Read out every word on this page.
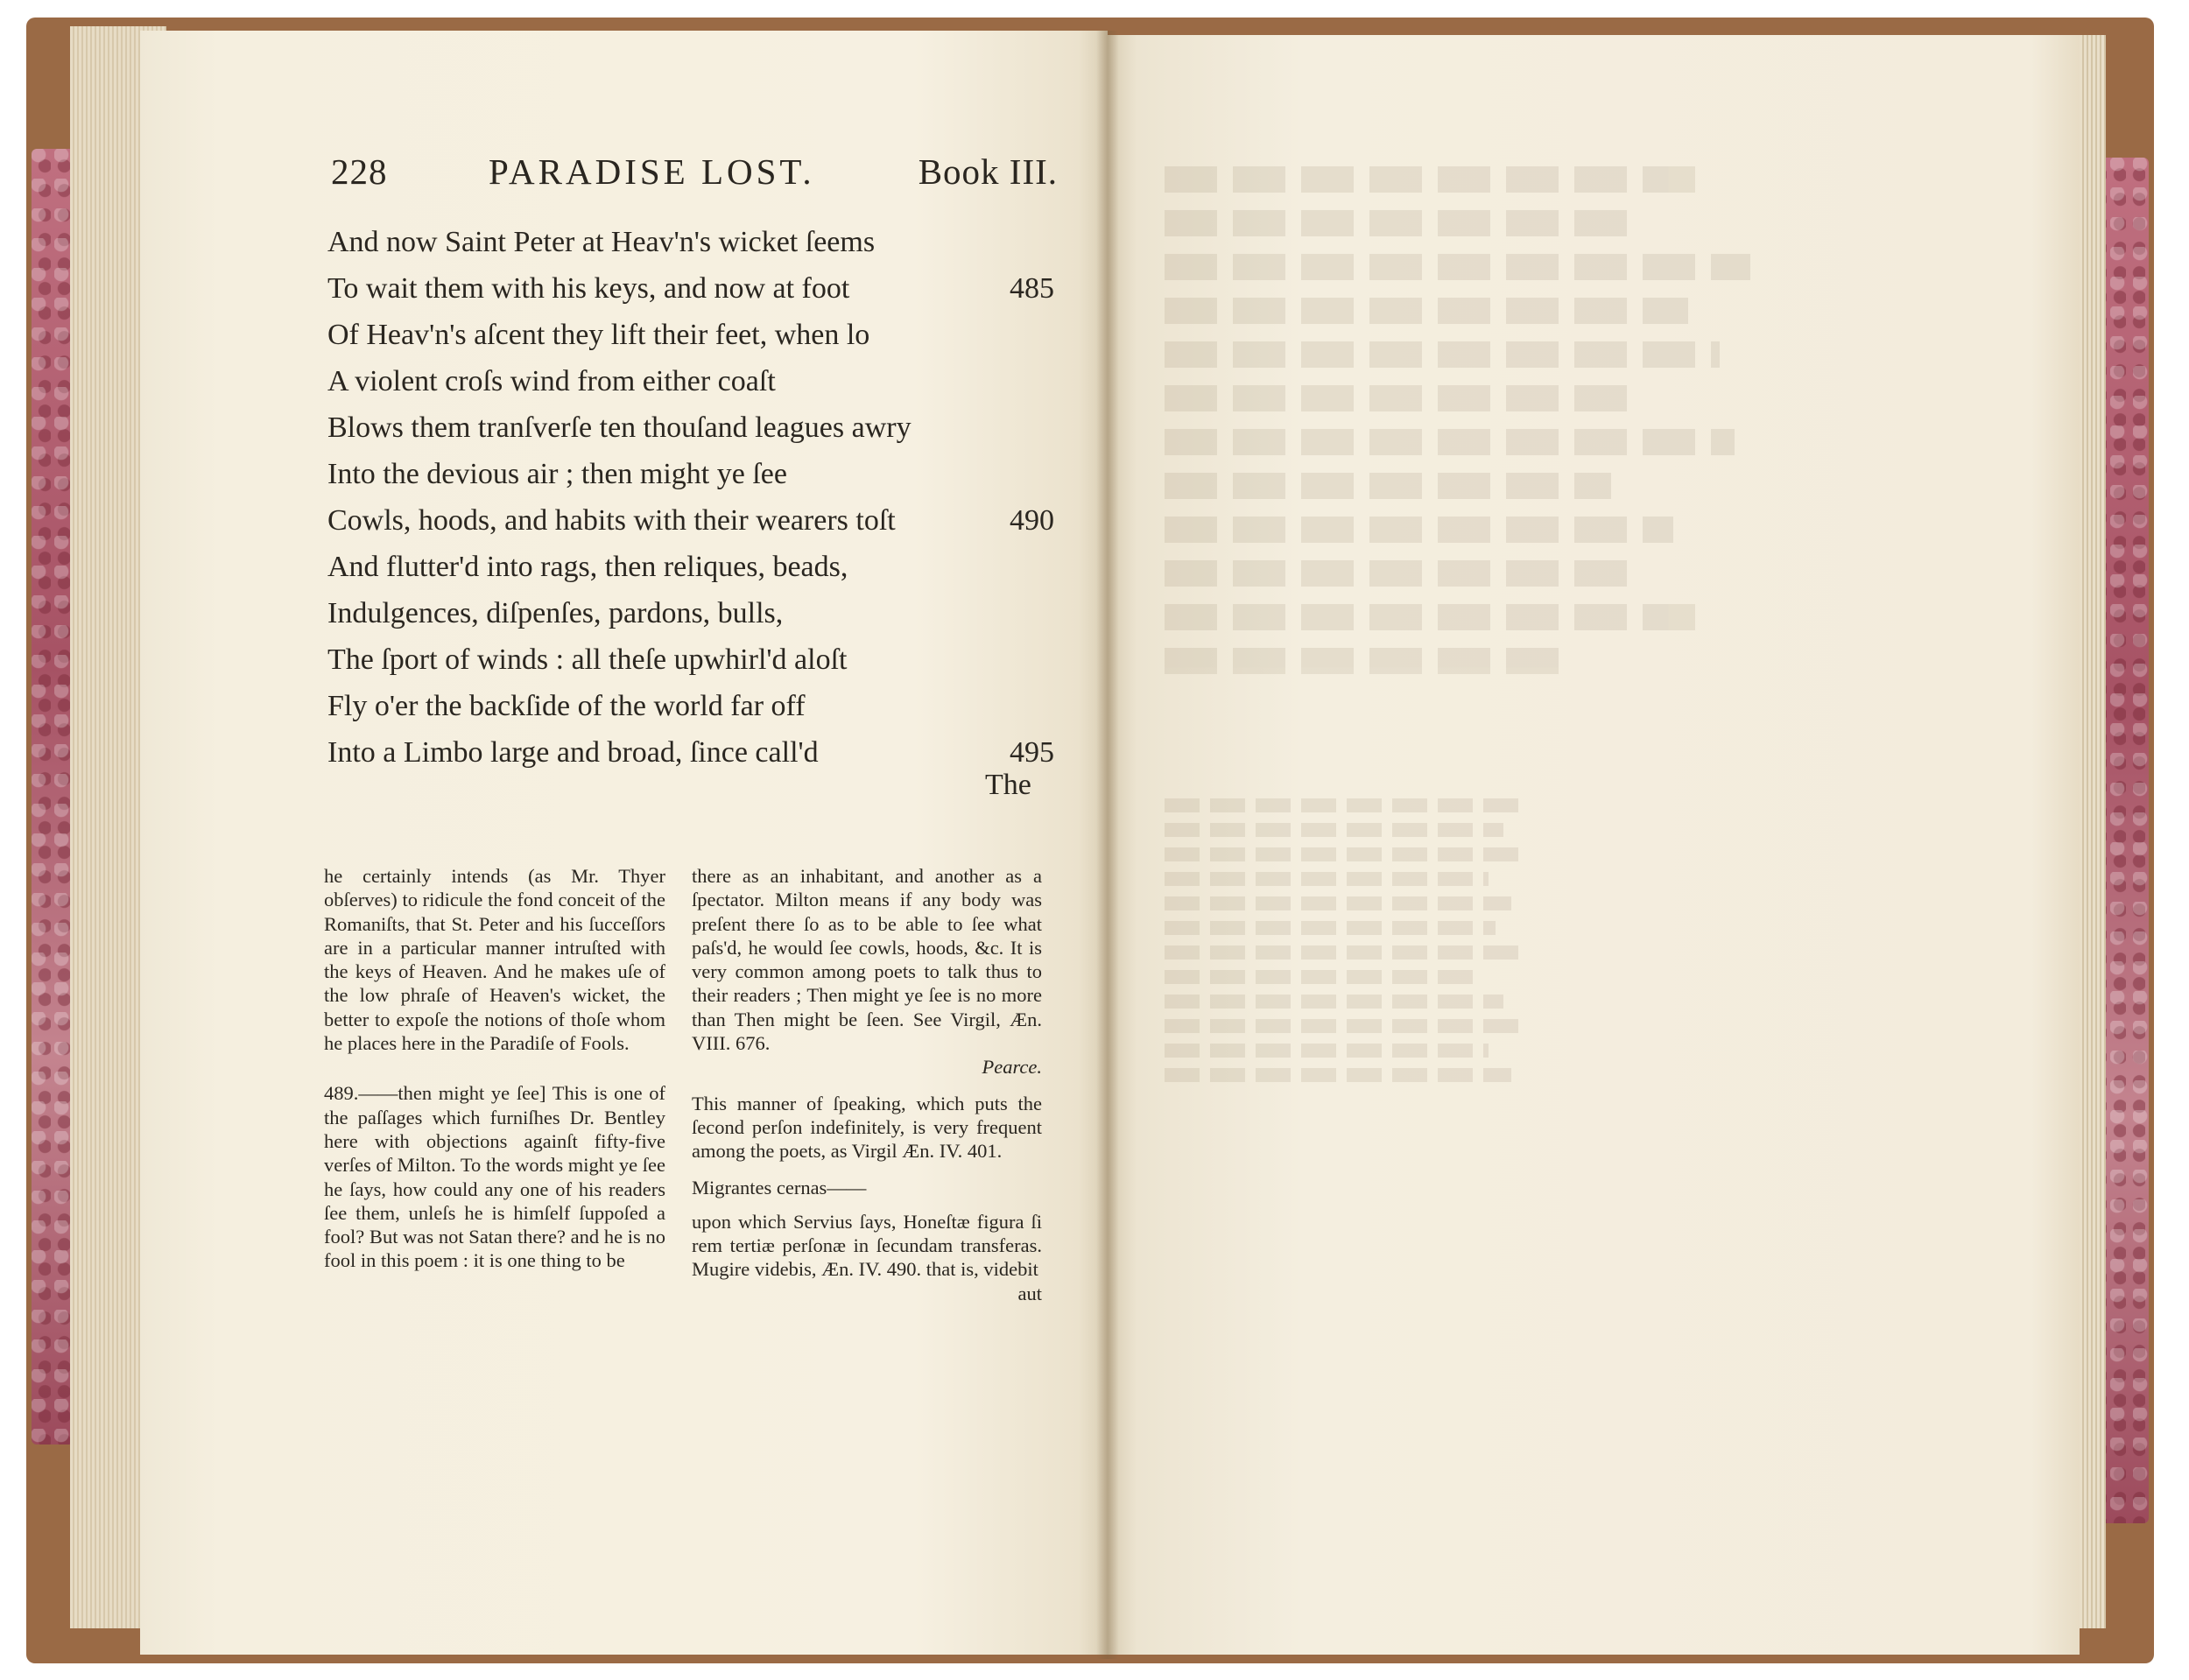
228	PARADISE LOST.	Book III.
And now Saint Peter at Heav'n's wicket ſeems
To wait them with his keys, and now at foot	485
Of Heav'n's aſcent they lift their feet, when lo
A violent croſs wind from either coaſt
Blows them tranſverſe ten thouſand leagues awry
Into the devious air ; then might ye ſee
Cowls, hoods, and habits with their wearers toſt	490
And flutter'd into rags, then reliques, beads,
Indulgences, diſpenſes, pardons, bulls,
The ſport of winds : all theſe upwhirl'd aloſt
Fly o'er the backſide of the world far off
Into a Limbo large and broad, ſince call'd	495
The

he certainly intends (as Mr. Thyer obſerves) to ridicule the fond conceit of the Romaniſts, that St. Peter and his ſucceſſors are in a particular manner intruſted with the keys of Heaven. And he makes uſe of the low phraſe of Heaven's wicket, the better to expoſe the notions of thoſe whom he places here in the Paradiſe of Fools.

489.——then might ye ſee] This is one of the paſſages which furniſhes Dr. Bentley here with objections againſt fifty-five verſes of Milton. To the words might ye ſee he ſays, how could any one of his readers ſee them, unleſs he is himſelf ſuppoſed a fool? But was not Satan there? and he is no fool in this poem : it is one thing to be

there as an inhabitant, and another as a ſpectator. Milton means if any body was preſent there ſo as to be able to ſee what paſs'd, he would ſee cowls, hoods, &c. It is very common among poets to talk thus to their readers ; Then might ye ſee is no more than Then might be ſeen. See Virgil, Æn. VIII. 676.

Pearce.

This manner of ſpeaking, which puts the ſecond perſon indefinitely, is very frequent among the poets, as Virgil Æn. IV. 401.

Migrantes cernas——

upon which Servius ſays, Honeſtæ figura ſi rem tertiæ perſonæ in ſecundam transferas. Mugire videbis, Æn. IV. 490. that is, videbit

aut
